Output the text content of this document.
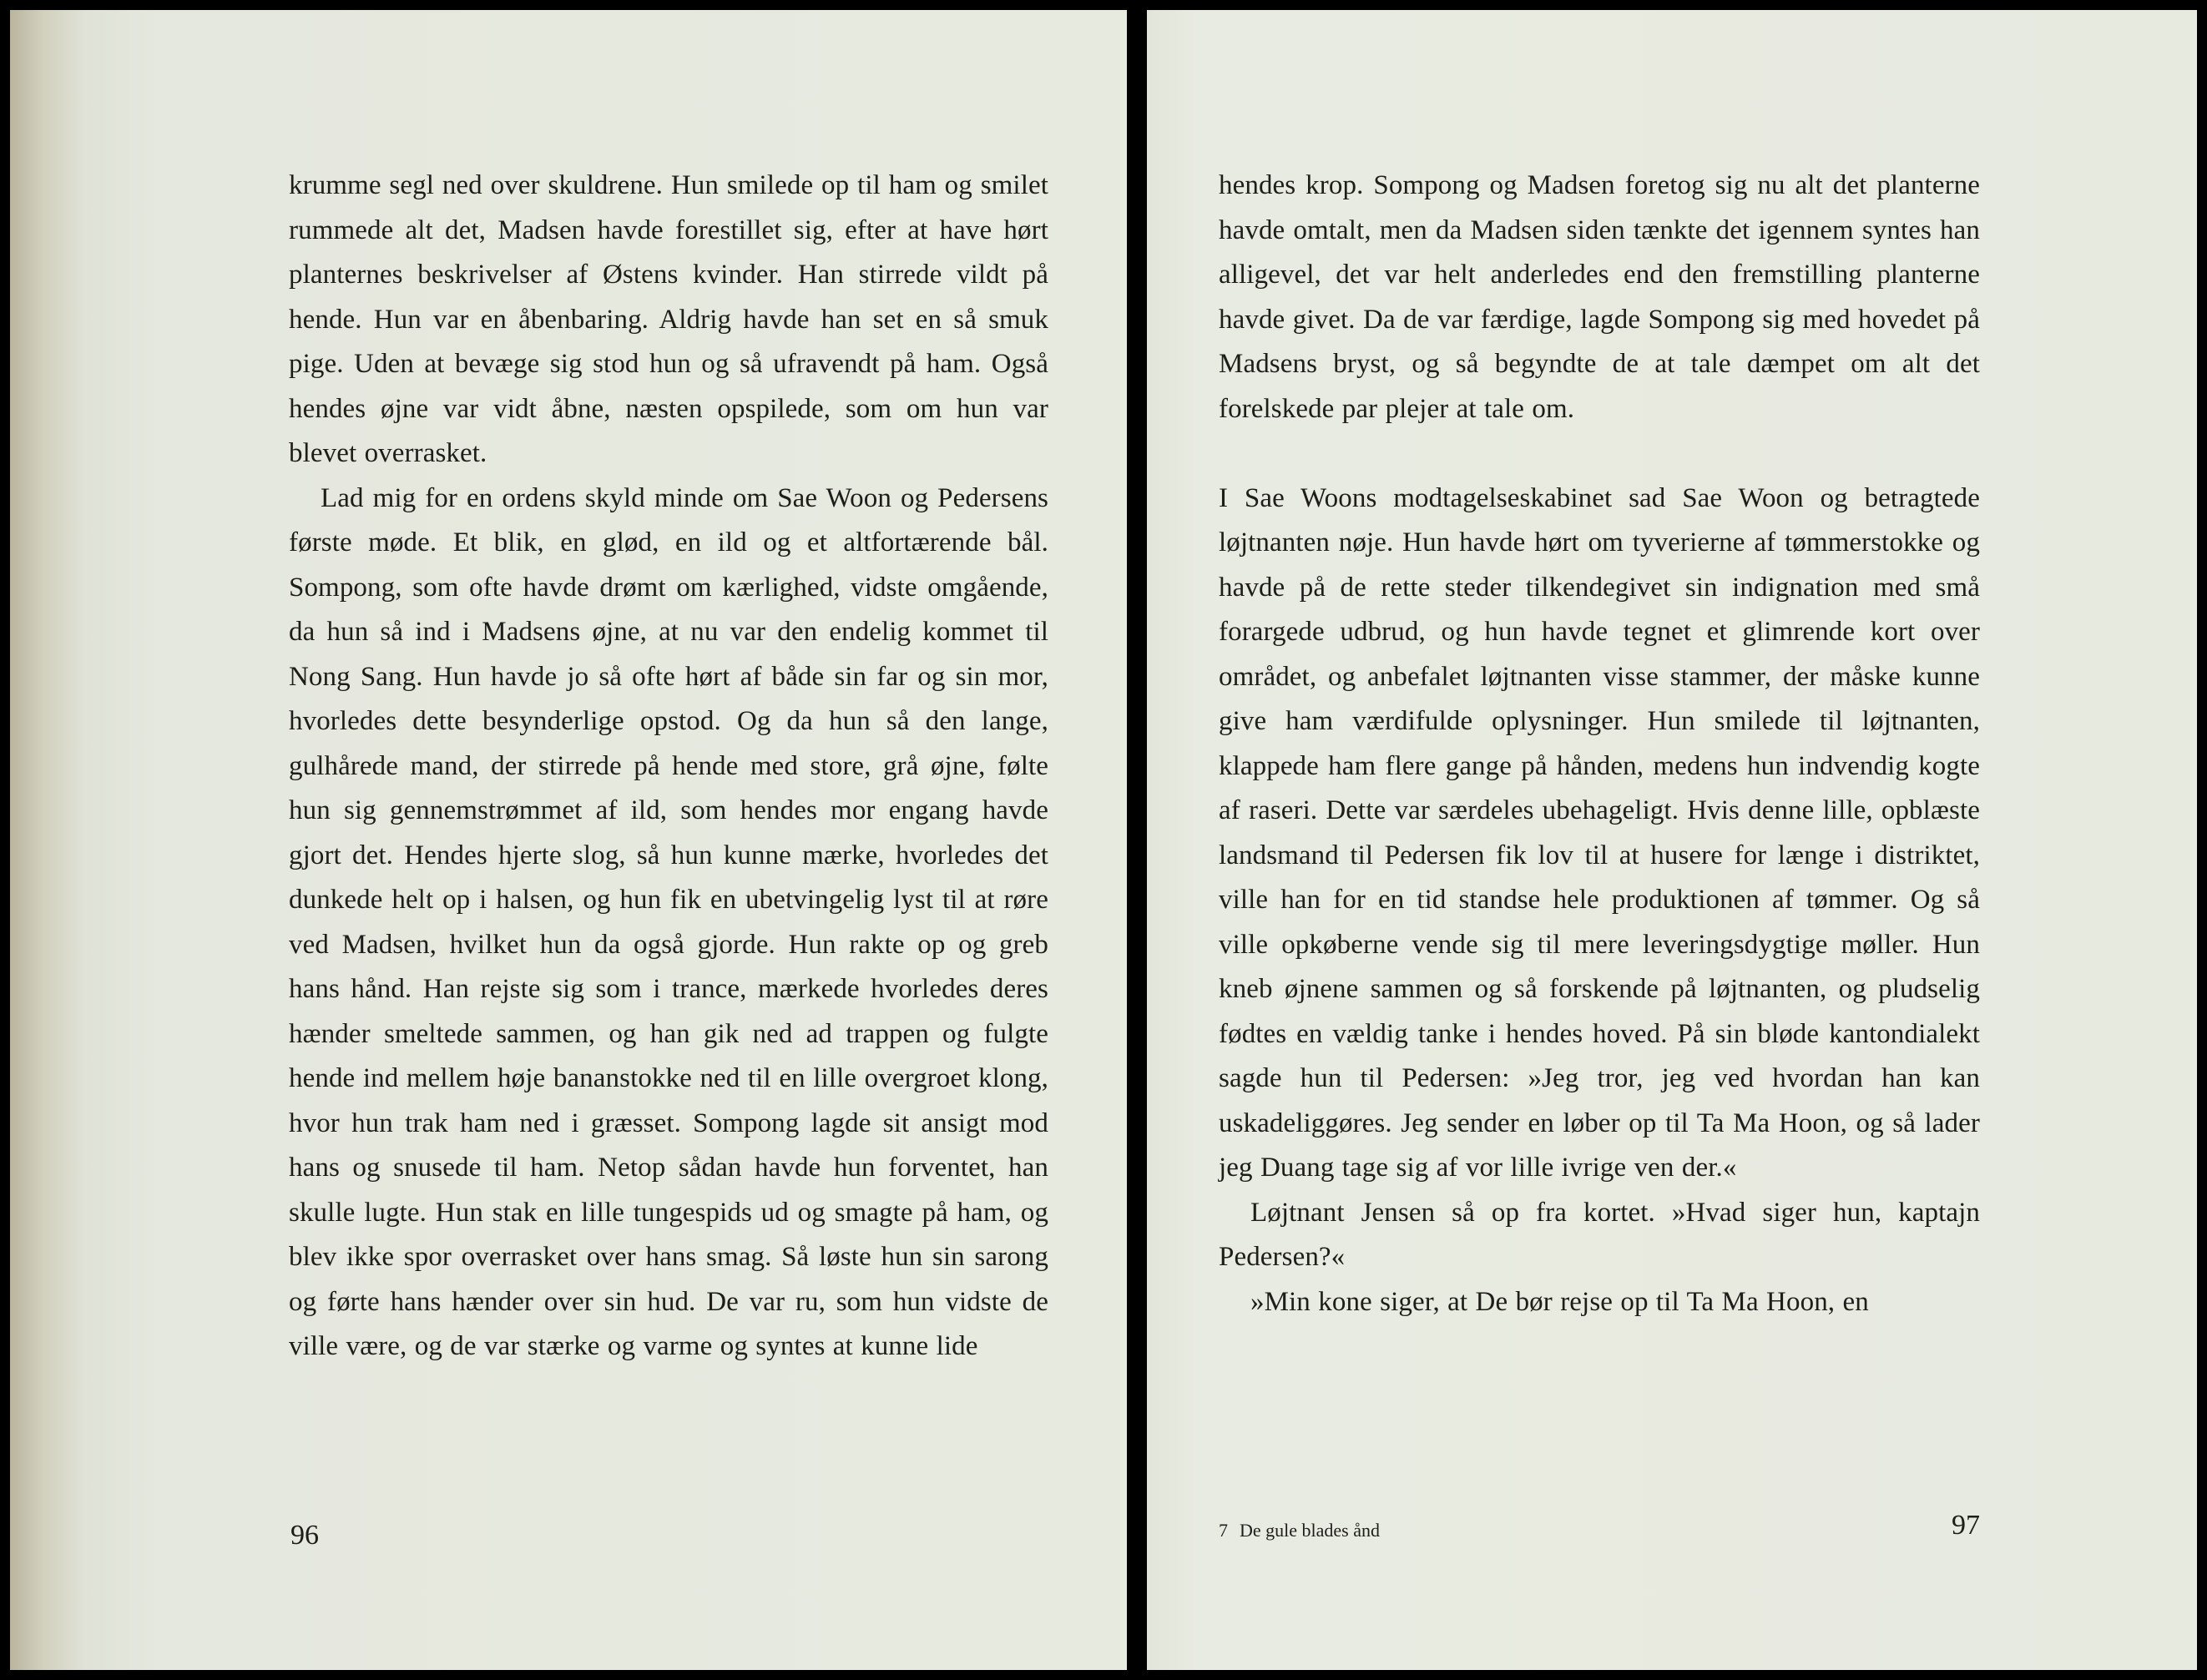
krumme segl ned over skuldrene. Hun smilede op til ham og smilet rummede alt det, Madsen havde forestillet sig, efter at have hørt planternes beskrivelser af Østens kvinder. Han stirrede vildt på hende. Hun var en åbenbaring. Aldrig havde han set en så smuk pige. Uden at bevæge sig stod hun og så ufravendt på ham. Også hendes øjne var vidt åbne, næsten opspilede, som om hun var blevet overrasket.

Lad mig for en ordens skyld minde om Sae Woon og Pedersens første møde. Et blik, en glød, en ild og et altfortærende bål. Sompong, som ofte havde drømt om kærlighed, vidste omgående, da hun så ind i Madsens øjne, at nu var den endelig kommet til Nong Sang. Hun havde jo så ofte hørt af både sin far og sin mor, hvorledes dette besynderlige opstod. Og da hun så den lange, gulhårede mand, der stirrede på hende med store, grå øjne, følte hun sig gennemstrømmet af ild, som hendes mor engang havde gjort det. Hendes hjerte slog, så hun kunne mærke, hvorledes det dunkede helt op i halsen, og hun fik en ubetvingelig lyst til at røre ved Madsen, hvilket hun da også gjorde. Hun rakte op og greb hans hånd. Han rejste sig som i trance, mærkede hvorledes deres hænder smeltede sammen, og han gik ned ad trappen og fulgte hende ind mellem høje bananstokke ned til en lille overgroet klong, hvor hun trak ham ned i græsset. Sompong lagde sit ansigt mod hans og snusede til ham. Netop sådan havde hun forventet, han skulle lugte. Hun stak en lille tungespids ud og smagte på ham, og blev ikke spor overrasket over hans smag. Så løste hun sin sarong og førte hans hænder over sin hud. De var ru, som hun vidste de ville være, og de var stærke og varme og syntes at kunne lide

96

hendes krop. Sompong og Madsen foretog sig nu alt det planterne havde omtalt, men da Madsen siden tænkte det igennem syntes han alligevel, det var helt anderledes end den fremstilling planterne havde givet. Da de var færdige, lagde Sompong sig med hovedet på Madsens bryst, og så begyndte de at tale dæmpet om alt det forelskede par plejer at tale om.

I Sae Woons modtagelseskabinet sad Sae Woon og betragtede løjtnanten nøje. Hun havde hørt om tyverierne af tømmerstokke og havde på de rette steder tilkendegivet sin indignation med små forargede udbrud, og hun havde tegnet et glimrende kort over området, og anbefalet løjtnanten visse stammer, der måske kunne give ham værdifulde oplysninger. Hun smilede til løjtnanten, klappede ham flere gange på hånden, medens hun indvendig kogte af raseri. Dette var særdeles ubehageligt. Hvis denne lille, opblæste landsmand til Pedersen fik lov til at husere for længe i distriktet, ville han for en tid standse hele produktionen af tømmer. Og så ville opkøberne vende sig til mere leveringsdygtige møller. Hun kneb øjnene sammen og så forskende på løjtnanten, og pludselig fødtes en vældig tanke i hendes hoved. På sin bløde kantondialekt sagde hun til Pedersen: »Jeg tror, jeg ved hvordan han kan uskadeliggøres. Jeg sender en løber op til Ta Ma Hoon, og så lader jeg Duang tage sig af vor lille ivrige ven der.«

Løjtnant Jensen så op fra kortet. »Hvad siger hun, kaptajn Pedersen?«

»Min kone siger, at De bør rejse op til Ta Ma Hoon, en

7 De gule blades ånd	97
